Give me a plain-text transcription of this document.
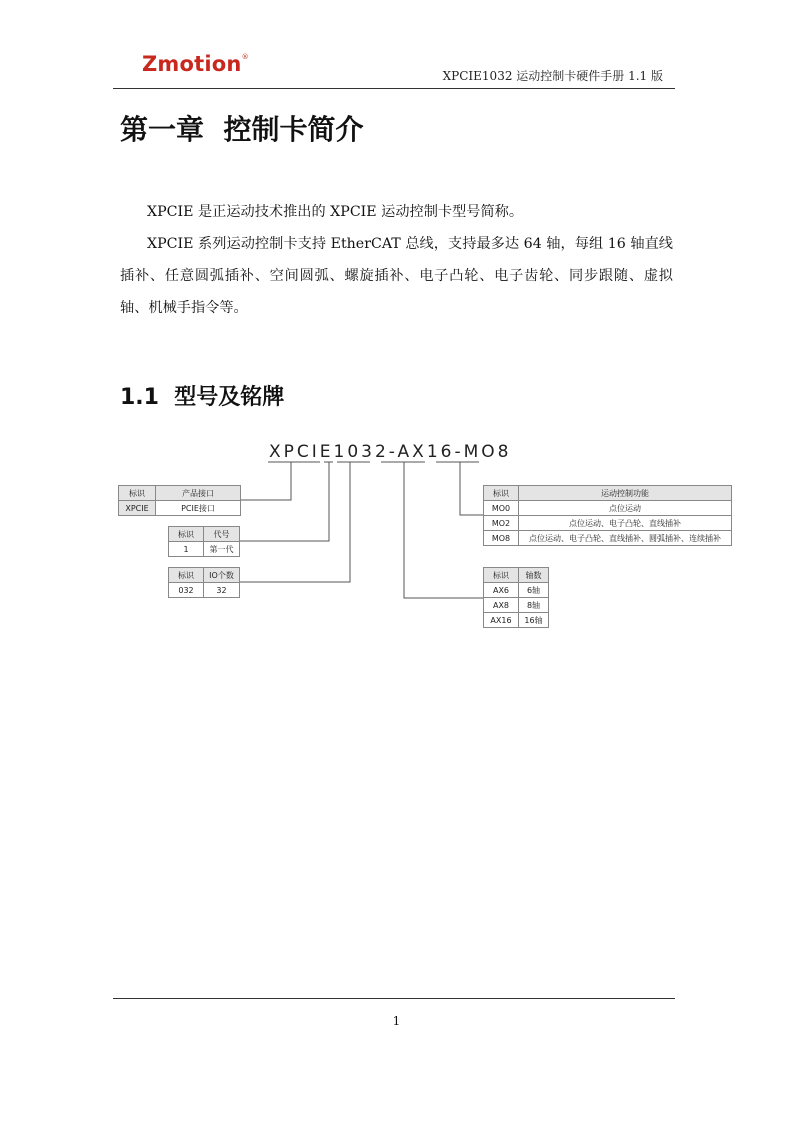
Zmotion®
XPCIE1032 运动控制卡硬件手册 1.1 版
第一章  控制卡简介
XPCIE 是正运动技术推出的 XPCIE 运动控制卡型号简称。
XPCIE 系列运动控制卡支持 EtherCAT 总线，支持最多达 64 轴，每组 16 轴直线插补、任意圆弧插补、空间圆弧、螺旋插补、电子凸轮、电子齿轮、同步跟随、虚拟轴、机械手指令等。
1.1  型号及铭牌
XPCIE1032-AX16-MO8
标识	产品接口
XPCIE	PCIE接口
标识	代号
1	第一代
标识	IO个数
032	32
标识	运动控制功能
MO0	点位运动
MO2	点位运动、电子凸轮、直线插补
MO8	点位运动、电子凸轮、直线插补、圆弧插补、连续插补
标识	轴数
AX6	6轴
AX8	8轴
AX16	16轴
1
